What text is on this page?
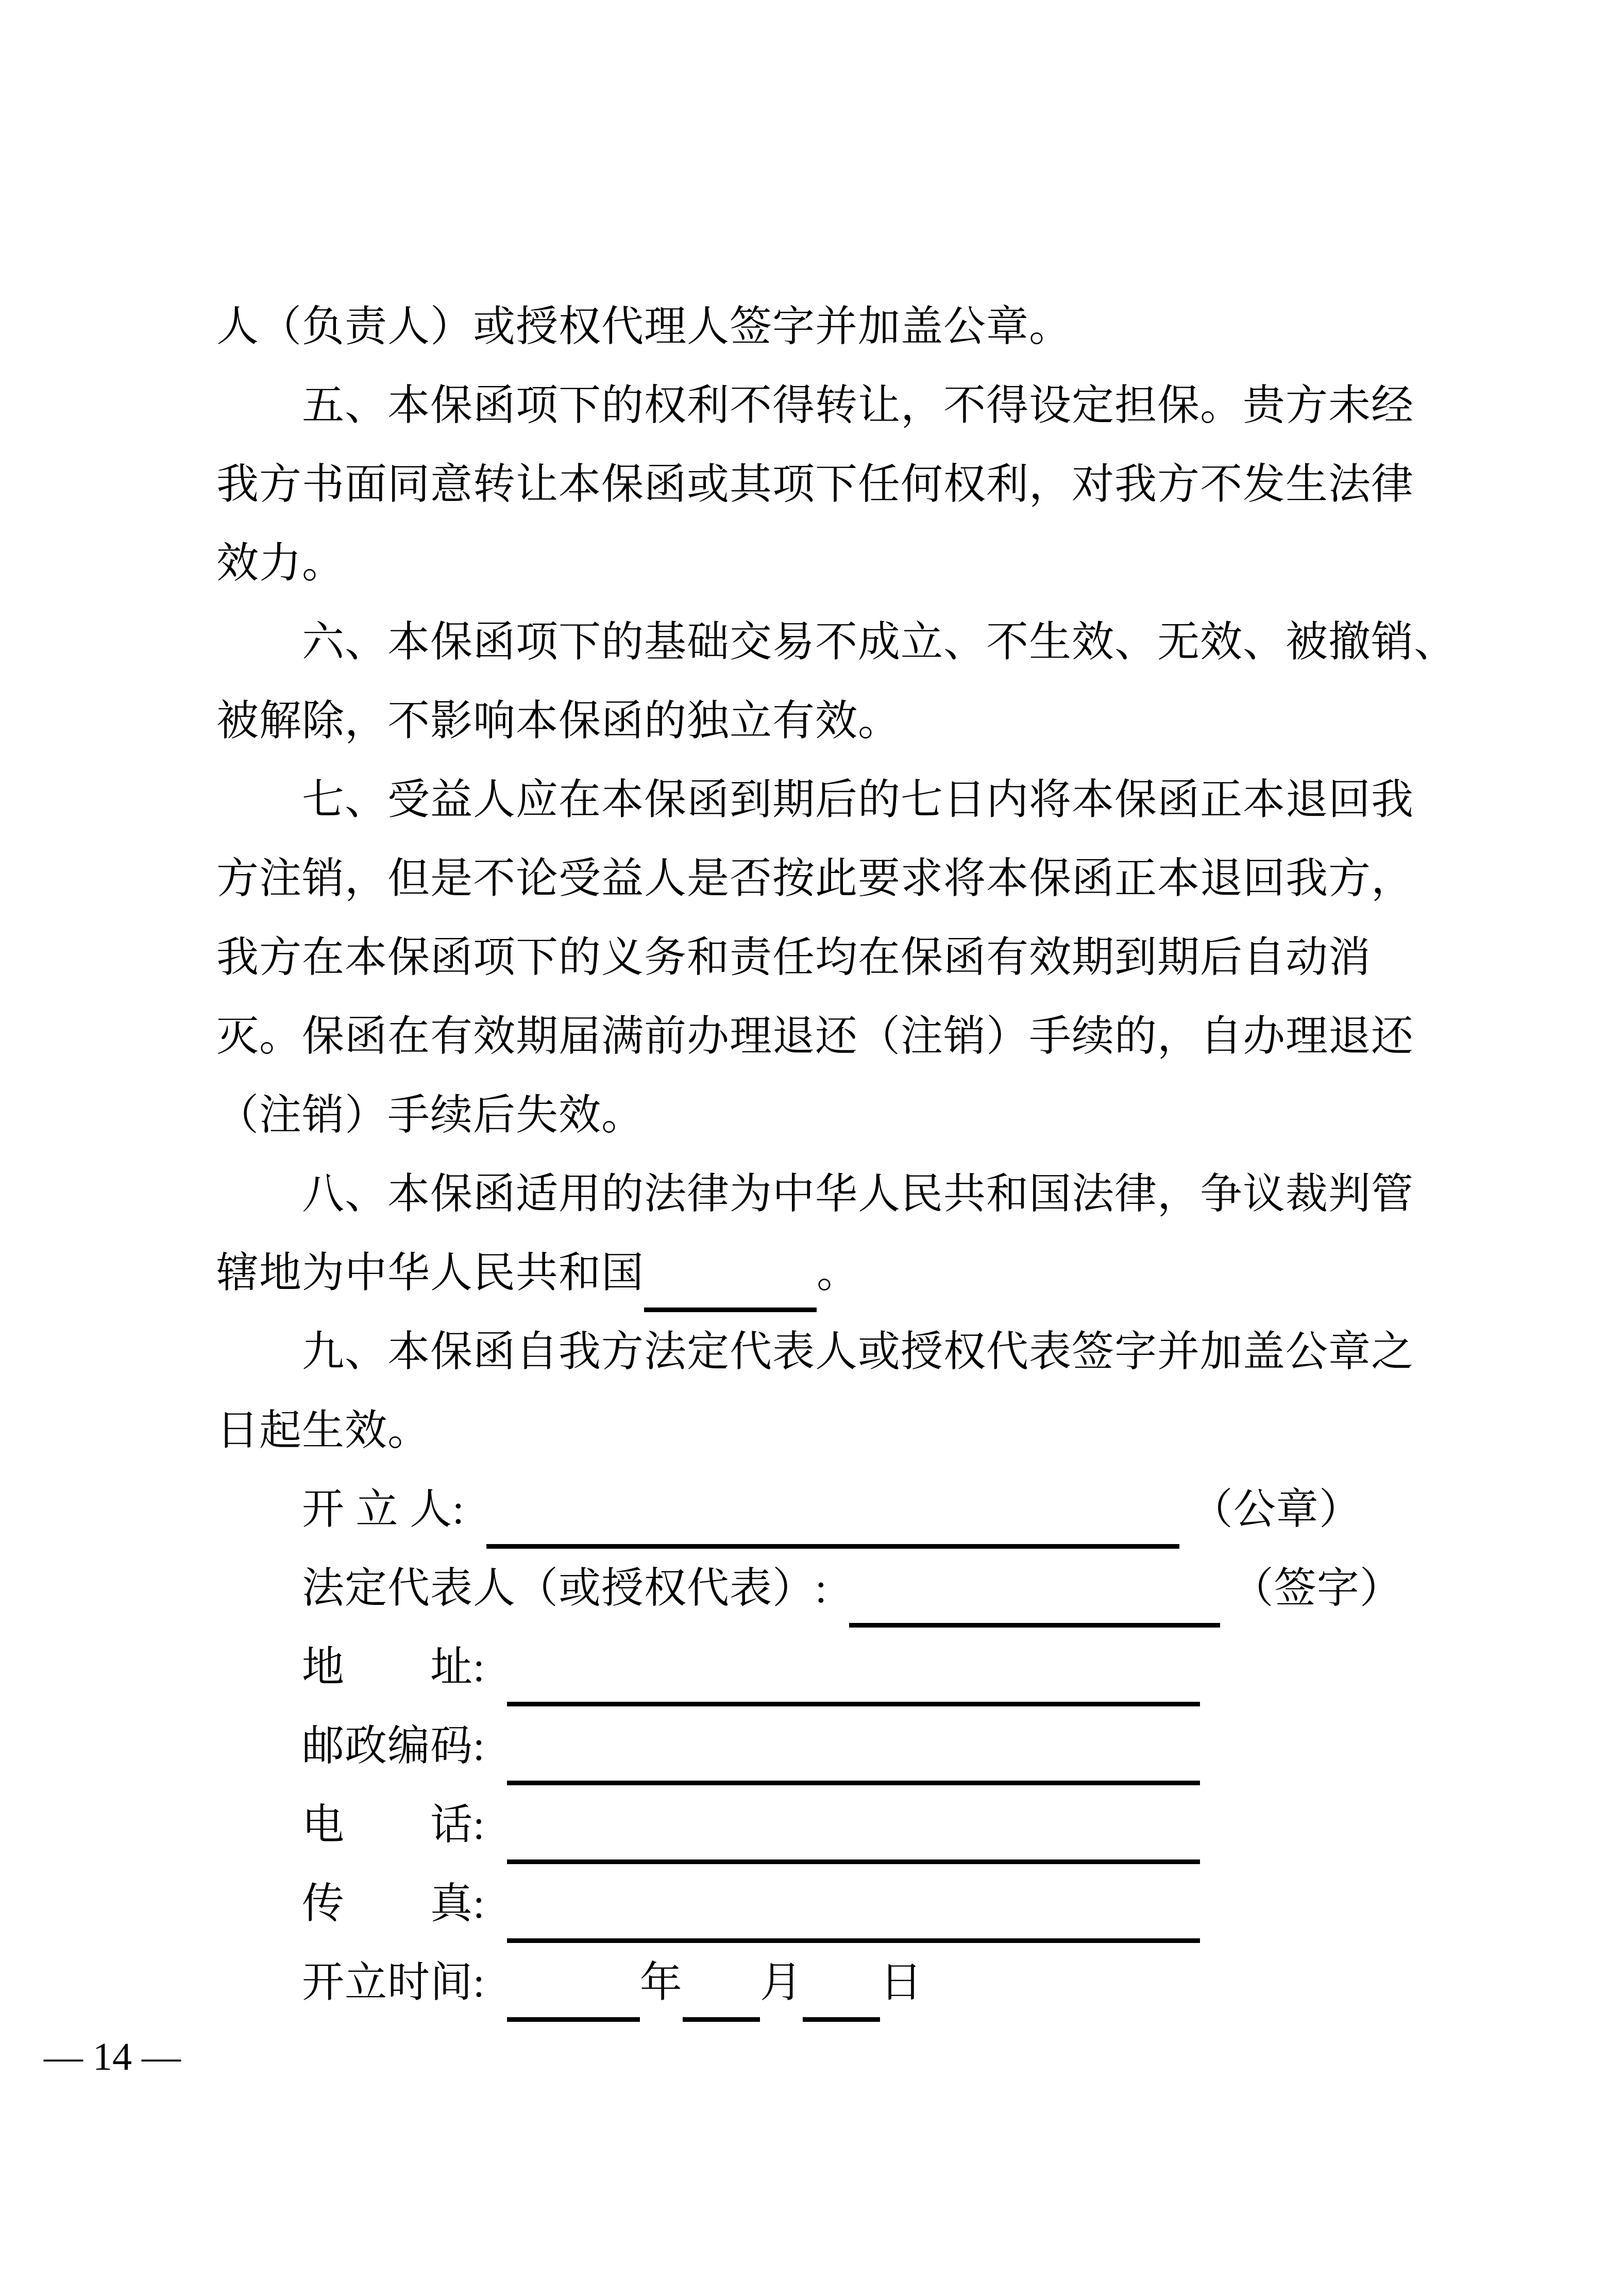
人（负责人）或授权代理人签字并加盖公章。
五、本保函项下的权利不得转让，不得设定担保。贵方未经
我方书面同意转让本保函或其项下任何权利，对我方不发生法律
效力。
六、本保函项下的基础交易不成立、不生效、无效、被撤销、
被解除，不影响本保函的独立有效。
七、受益人应在本保函到期后的七日内将本保函正本退回我
方注销，但是不论受益人是否按此要求将本保函正本退回我方，
我方在本保函项下的义务和责任均在保函有效期到期后自动消
灭。保函在有效期届满前办理退还（注销）手续的，自办理退还
（注销）手续后失效。
八、本保函适用的法律为中华人民共和国法律，争议裁判管
辖地为中华人民共和国	。
九、本保函自我方法定代表人或授权代表签字并加盖公章之
日起生效。
开 立 人:	（公章）
法定代表人（或授权代表）:	（签字）
地　　址:
邮政编码:
电　　话:
传　　真:
开立时间:	年 月 日
— 14 —
